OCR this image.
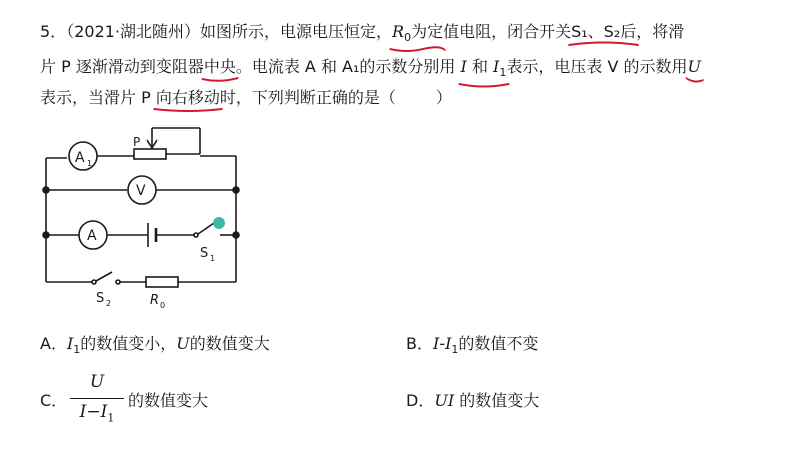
5．（2021·湖北随州）如图所示，电源电压恒定，$R_0$为定
值电阻，闭合开关S₁、S₂后
，将滑
片 P 逐渐滑动到变阻器中央
。电流表 A 和 A₁的示数分别用 I 和 $I_1$
表示，电压表 V 的示数用U
表示，当滑片 P 向右移动
时，下列判断正确的是（	）
A 1
P
V
A
S 1
S 2	R 0
A．$I_1$的数值变小，U的数值变大	B．$I-I_1$的数值不变
C．
U
$I-I_1$
的数值变大	D．UI 的数值变大
